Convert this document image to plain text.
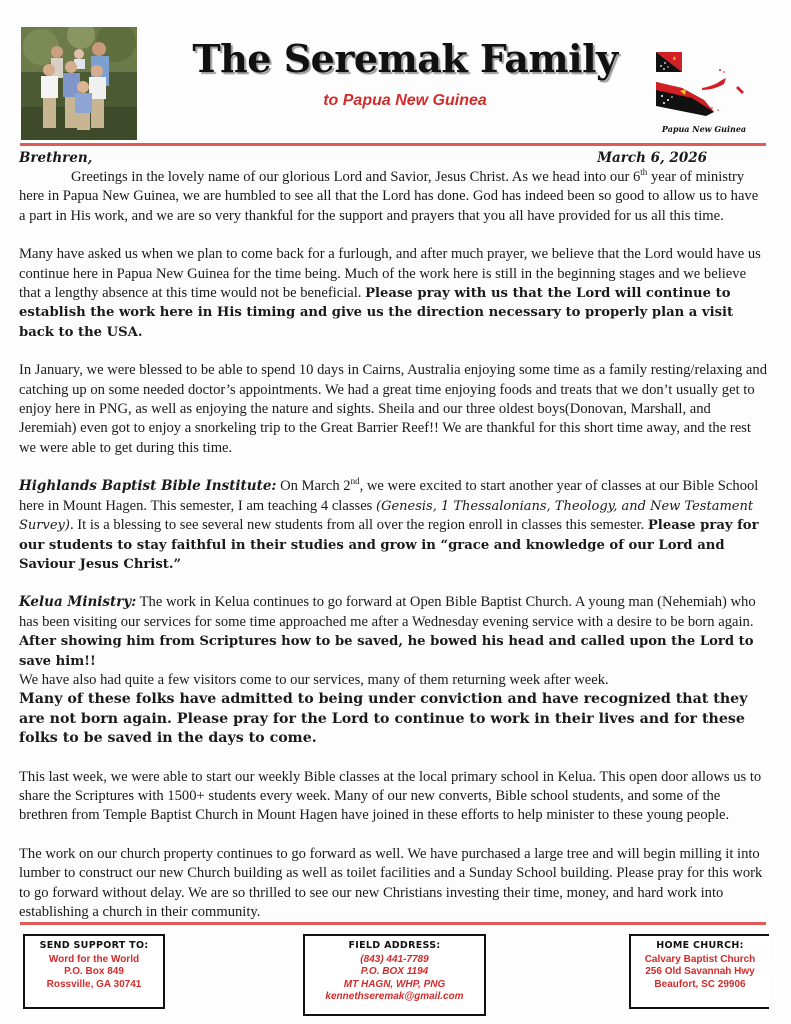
The Seremak Family
to Papua New Guinea
Papua New Guinea
Brethren,	March 6, 2026

Greetings in the lovely name of our glorious Lord and Savior, Jesus Christ. As we head into our 6th year of ministry here in Papua New Guinea, we are humbled to see all that the Lord has done. God has indeed been so good to allow us to have a part in His work, and we are so very thankful for the support and prayers that you all have provided for us all this time.

Many have asked us when we plan to come back for a furlough, and after much prayer, we believe that the Lord would have us continue here in Papua New Guinea for the time being. Much of the work here is still in the beginning stages and we believe that a lengthy absence at this time would not be beneficial. Please pray with us that the Lord will continue to establish the work here in His timing and give us the direction necessary to properly plan a visit back to the USA.

In January, we were blessed to be able to spend 10 days in Cairns, Australia enjoying some time as a family resting/relaxing and catching up on some needed doctor’s appointments. We had a great time enjoying foods and treats that we don’t usually get to enjoy here in PNG, as well as enjoying the nature and sights. Sheila and our three oldest boys(Donovan, Marshall, and Jeremiah) even got to enjoy a snorkeling trip to the Great Barrier Reef!! We are thankful for this short time away, and the rest we were able to get during this time.

Highlands Baptist Bible Institute: On March 2nd, we were excited to start another year of classes at our Bible School here in Mount Hagen. This semester, I am teaching 4 classes (Genesis, 1 Thessalonians, Theology, and New Testament Survey). It is a blessing to see several new students from all over the region enroll in classes this semester. Please pray for our students to stay faithful in their studies and grow in “grace and knowledge of our Lord and Saviour Jesus Christ.”

Kelua Ministry: The work in Kelua continues to go forward at Open Bible Baptist Church. A young man (Nehemiah) who has been visiting our services for some time approached me after a Wednesday evening service with a desire to be born again. After showing him from Scriptures how to be saved, he bowed his head and called upon the Lord to save him!!

We have also had quite a few visitors come to our services, many of them returning week after week.
Many of these folks have admitted to being under conviction and have recognized that they are not born again. Please pray for the Lord to continue to work in their lives and for these folks to be saved in the days to come.

This last week, we were able to start our weekly Bible classes at the local primary school in Kelua. This open door allows us to share the Scriptures with 1500+ students every week. Many of our new converts, Bible school students, and some of the brethren from Temple Baptist Church in Mount Hagen have joined in these efforts to help minister to these young people.

The work on our church property continues to go forward as well. We have purchased a large tree and will begin milling it into lumber to construct our new Church building as well as toilet facilities and a Sunday School building. Please pray for this work to go forward without delay. We are so thrilled to see our new Christians investing their time, money, and hard work into establishing a church in their community.

SEND SUPPORT TO:
Word for the World
P.O. Box 849
Rossville, GA 30741
FIELD ADDRESS:
(843) 441-7789
P.O. BOX 1194
MT HAGN, WHP, PNG
kennethseremak@gmail.com
HOME CHURCH:
Calvary Baptist Church
256 Old Savannah Hwy
Beaufort, SC 29906
